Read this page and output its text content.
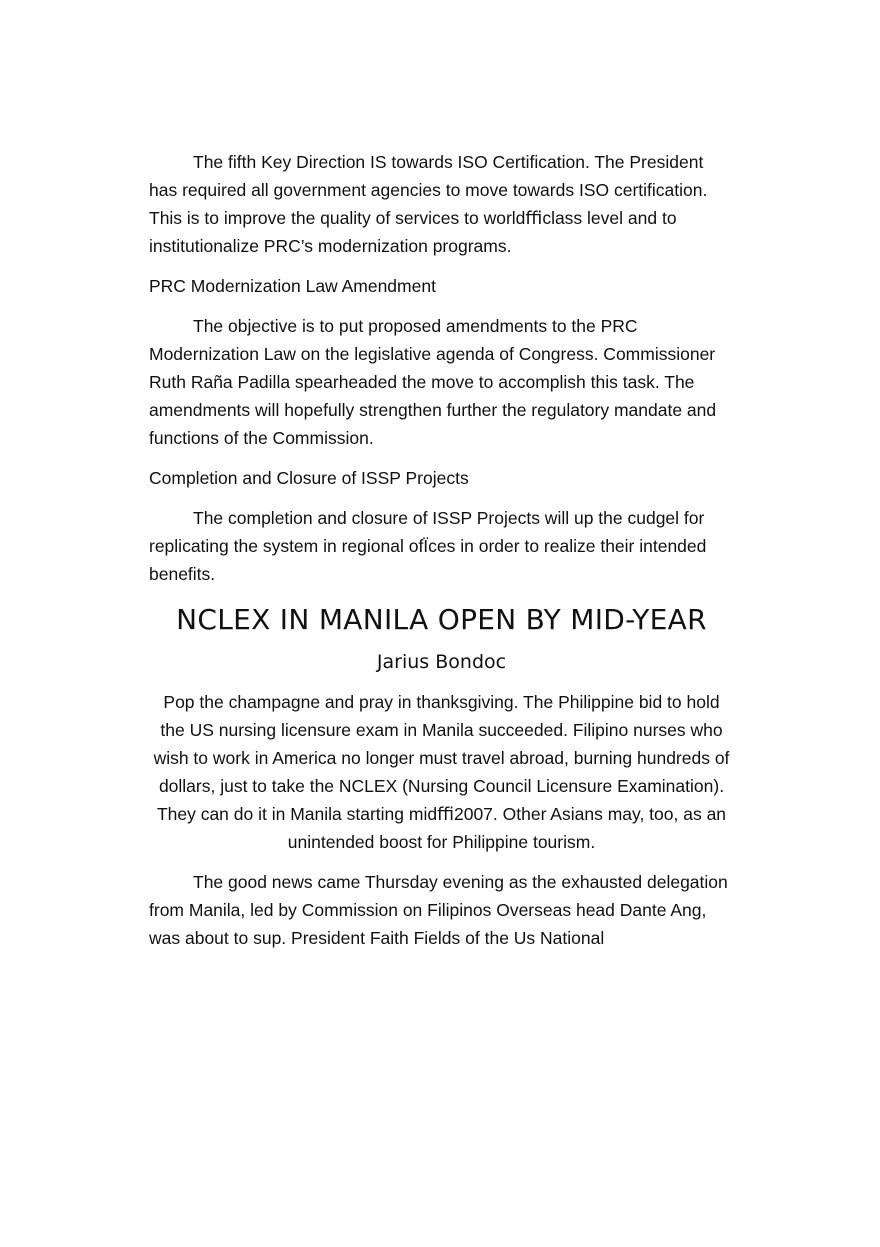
The fifth Key Direction IS towards ISO Certification. The President has required all government agencies to move towards ISO certification. This is to improve the quality of services to worldﬃclass level and to institutionalize PRC’s modernization programs.

PRC Modernization Law Amendment

The objective is to put proposed amendments to the PRC Modernization Law on the legislative agenda of Congress. Commissioner Ruth Raña Padilla spearheaded the move to accomplish this task. The amendments will hopefully strengthen further the regulatory mandate and functions of the Commission.

Completion and Closure of ISSP Projects

The completion and closure of ISSP Projects will up the cudgel for replicating the system in regional ofÏces in order to realize their intended benefits.

NCLEX IN MANILA OPEN BY MID-YEAR

Jarius Bondoc

Pop the champagne and pray in thanksgiving. The Philippine bid to hold the US nursing licensure exam in Manila succeeded. Filipino nurses who wish to work in America no longer must travel abroad, burning hundreds of dollars, just to take the NCLEX (Nursing Council Licensure Examination). They can do it in Manila starting midﬃ2007. Other Asians may, too, as an unintended boost for Philippine tourism.

The good news came Thursday evening as the exhausted delegation from Manila, led by Commission on Filipinos Overseas head Dante Ang, was about to sup. President Faith Fields of the Us National
